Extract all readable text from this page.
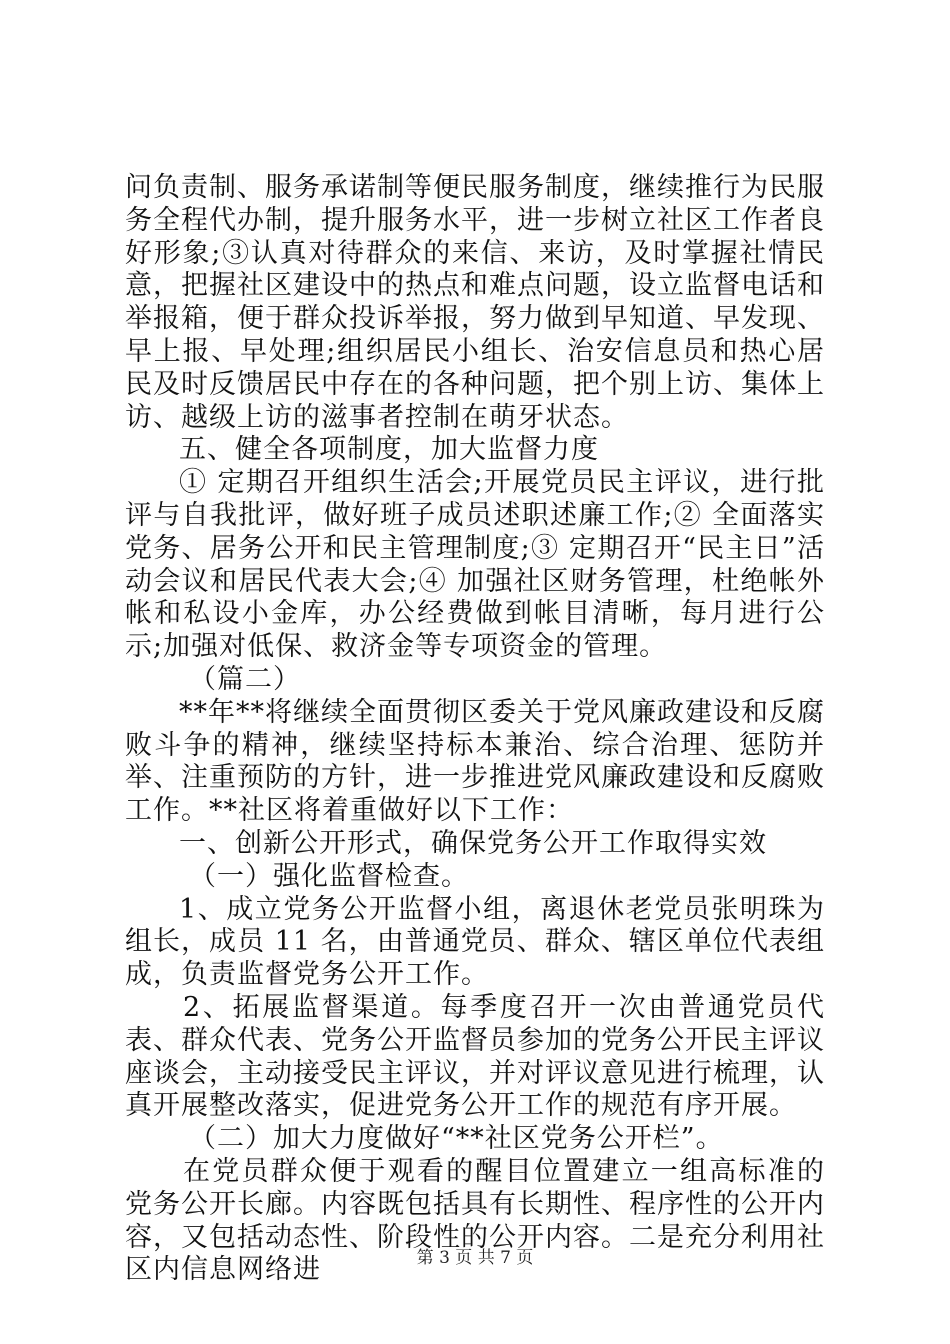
问负责制、服务承诺制等便民服务制度，继续推行为民服务全程代办制，提升服务水平，进一步树立社区工作者良好形象;③认真对待群众的来信、来访，及时掌握社情民意，把握社区建设中的热点和难点问题，设立监督电话和举报箱，便于群众投诉举报，努力做到早知道、早发现、早上报、早处理;组织居民小组长、治安信息员和热心居民及时反馈居民中存在的各种问题，把个别上访、集体上访、越级上访的滋事者控制在萌牙状态。

五、健全各项制度，加大监督力度

① 定期召开组织生活会;开展党员民主评议，进行批评与自我批评，做好班子成员述职述廉工作;② 全面落实党务、居务公开和民主管理制度;③ 定期召开“民主日”活动会议和居民代表大会;④ 加强社区财务管理，杜绝帐外帐和私设小金库，办公经费做到帐目清晰，每月进行公示;加强对低保、救济金等专项资金的管理。

（篇二）

**年**将继续全面贯彻区委关于党风廉政建设和反腐败斗争的精神，继续坚持标本兼治、综合治理、惩防并举、注重预防的方针，进一步推进党风廉政建设和反腐败工作。**社区将着重做好以下工作：

一、创新公开形式，确保党务公开工作取得实效

（一）强化监督检查。

1、成立党务公开监督小组，离退休老党员张明珠为组长，成员 11 名，由普通党员、群众、辖区单位代表组成，负责监督党务公开工作。

2、拓展监督渠道。每季度召开一次由普通党员代表、群众代表、党务公开监督员参加的党务公开民主评议座谈会，主动接受民主评议，并对评议意见进行梳理，认真开展整改落实，促进党务公开工作的规范有序开展。

（二）加大力度做好“**社区党务公开栏”。

在党员群众便于观看的醒目位置建立一组高标准的党务公开长廊。内容既包括具有长期性、程序性的公开内容，又包括动态性、阶段性的公开内容。二是充分利用社区内信息网络进	第 3 页 共 7 页
